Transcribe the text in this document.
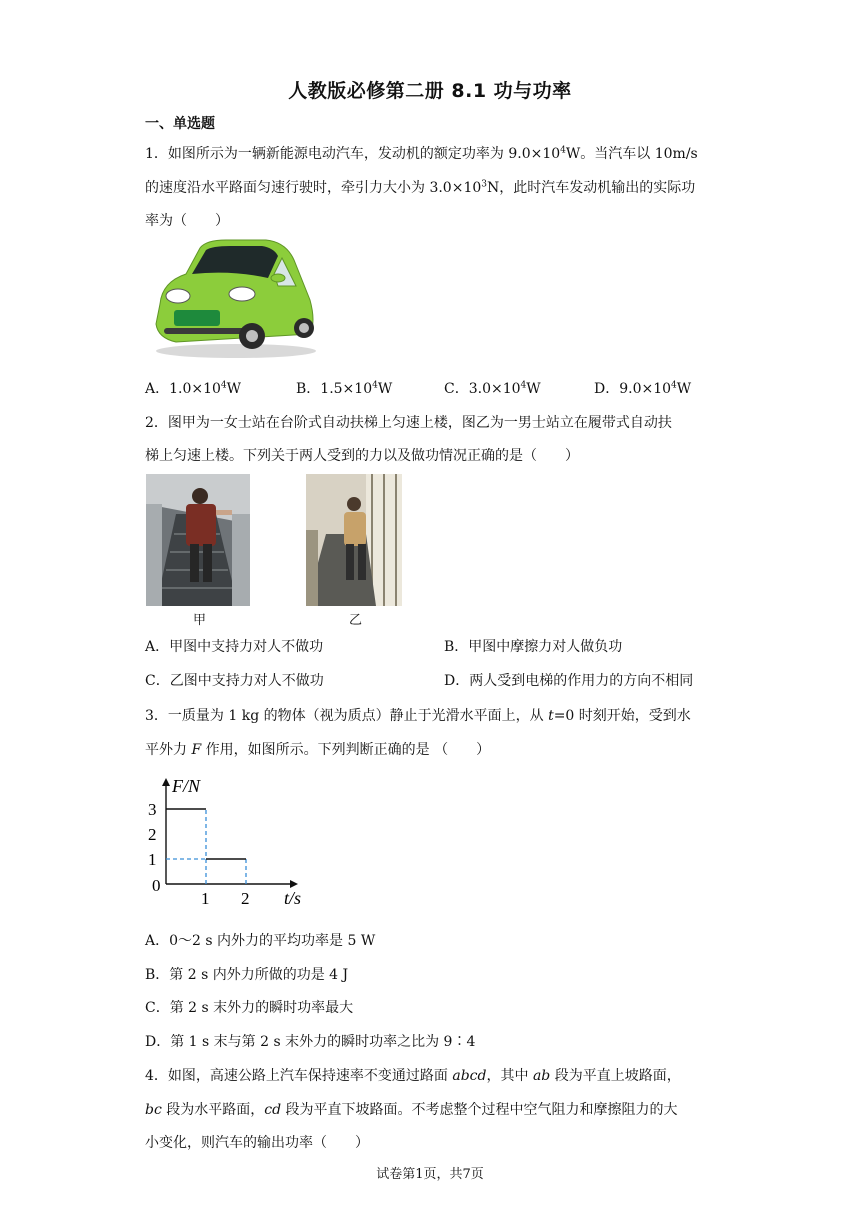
人教版必修第二册 8.1 功与功率
一、单选题
1．如图所示为一辆新能源电动汽车，发动机的额定功率为 $9.0\times 10^4W$。当汽车以 10m/s
的速度沿水平路面匀速行驶时，牵引力大小为 $3.0\times 10^3N$，此时汽车发动机输出的实际功
率为（　　）
A．$1.0\times 10^4W$	B．$1.5\times 10^4W$	C．$3.0\times 10^4W$	D．$9.0\times 10^4W$
2．图甲为一女士站在台阶式自动扶梯上匀速上楼，图乙为一男士站立在履带式自动扶
梯上匀速上楼。下列关于两人受到的力以及做功情况正确的是（　　）
甲	乙
A．甲图中支持力对人不做功	B．甲图中摩擦力对人做负功
C．乙图中支持力对人不做功	D．两人受到电梯的作用力的方向不相同
3．一质量为 1 kg 的物体（视为质点）静止于光滑水平面上，从 t=0 时刻开始，受到水
平外力 F 作用，如图所示。下列判断正确的是 （　　）
F/N
t/s
0
1 2
1
2
3
A．0～2 s 内外力的平均功率是 5 W
B．第 2 s 内外力所做的功是 4 J
C．第 2 s 末外力的瞬时功率最大
D．第 1 s 末与第 2 s 末外力的瞬时功率之比为 9∶4
4．如图，高速公路上汽车保持速率不变通过路面 abcd，其中 ab 段为平直上坡路面，
bc 段为水平路面，cd 段为平直下坡路面。不考虑整个过程中空气阻力和摩擦阻力的大
小变化，则汽车的输出功率（　　）
试卷第1页，共7页
